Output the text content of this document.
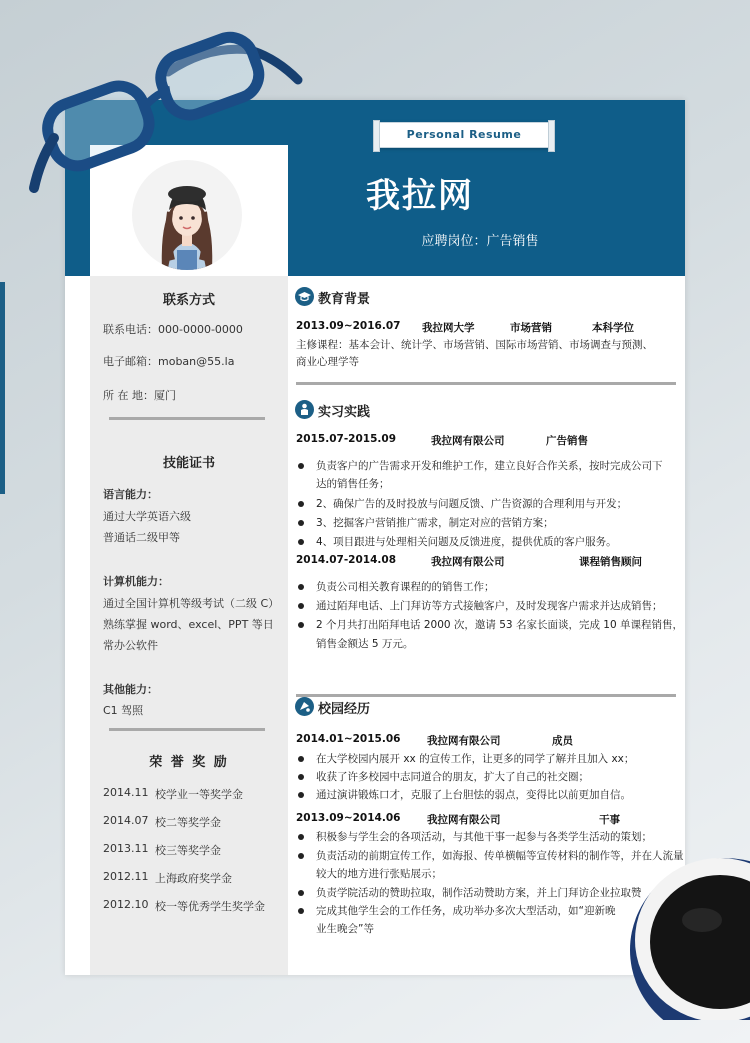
Personal Resume
我拉网
应聘岗位：广告销售
联系方式
联系电话：000-0000-0000
电子邮箱：moban@55.la
所 在 地：厦门
技能证书
语言能力：
通过大学英语六级
普通话二级甲等
计算机能力：
通过全国计算机等级考试（二级 C）
熟练掌握 word、excel、PPT 等日
常办公软件
其他能力：
C1 驾照
荣 誉 奖 励
2014.11 校学业一等奖学金
2014.07 校二等奖学金
2013.11 校三等奖学金
2012.11 上海政府奖学金
2012.10 校一等优秀学生奖学金
教育背景
2013.09~2016.07 我拉网大学	市场营销	本科学位
主修课程：基本会计、统计学、市场营销、国际市场营销、市场调查与预测、
商业心理学等
实习实践
2015.07-2015.09	我拉网有限公司	广告销售
负责客户的广告需求开发和维护工作，建立良好合作关系，按时完成公司下
达的销售任务；
2、确保广告的及时投放与问题反馈、广告资源的合理利用与开发；
3、挖掘客户营销推广需求，制定对应的营销方案；
4、项目跟进与处理相关问题及反馈进度，提供优质的客户服务。
2014.07-2014.08	我拉网有限公司	课程销售顾问
负责公司相关教育课程的的销售工作；
通过陌拜电话、上门拜访等方式接触客户，及时发现客户需求并达成销售；
2 个月共打出陌拜电话 2000 次，邀请 53 名家长面谈，完成 10 单课程销售，
销售金额达 5 万元。
校园经历
2014.01~2015.06	我拉网有限公司	成员
在大学校园内展开 xx 的宣传工作，让更多的同学了解并且加入 xx；
收获了许多校园中志同道合的朋友，扩大了自己的社交圈；
通过演讲锻炼口才，克服了上台胆怯的弱点，变得比以前更加自信。
2013.09~2014.06	我拉网有限公司	干事
积极参与学生会的各项活动，与其他干事一起参与各类学生活动的策划；
负责活动的前期宣传工作，如海报、传单横幅等宣传材料的制作等，并在人流量
较大的地方进行张贴展示；
负责学院活动的赞助拉取，制作活动赞助方案，并上门拜访企业拉取赞
完成其他学生会的工作任务，成功举办多次大型活动，如“迎新晚
业生晚会”等
